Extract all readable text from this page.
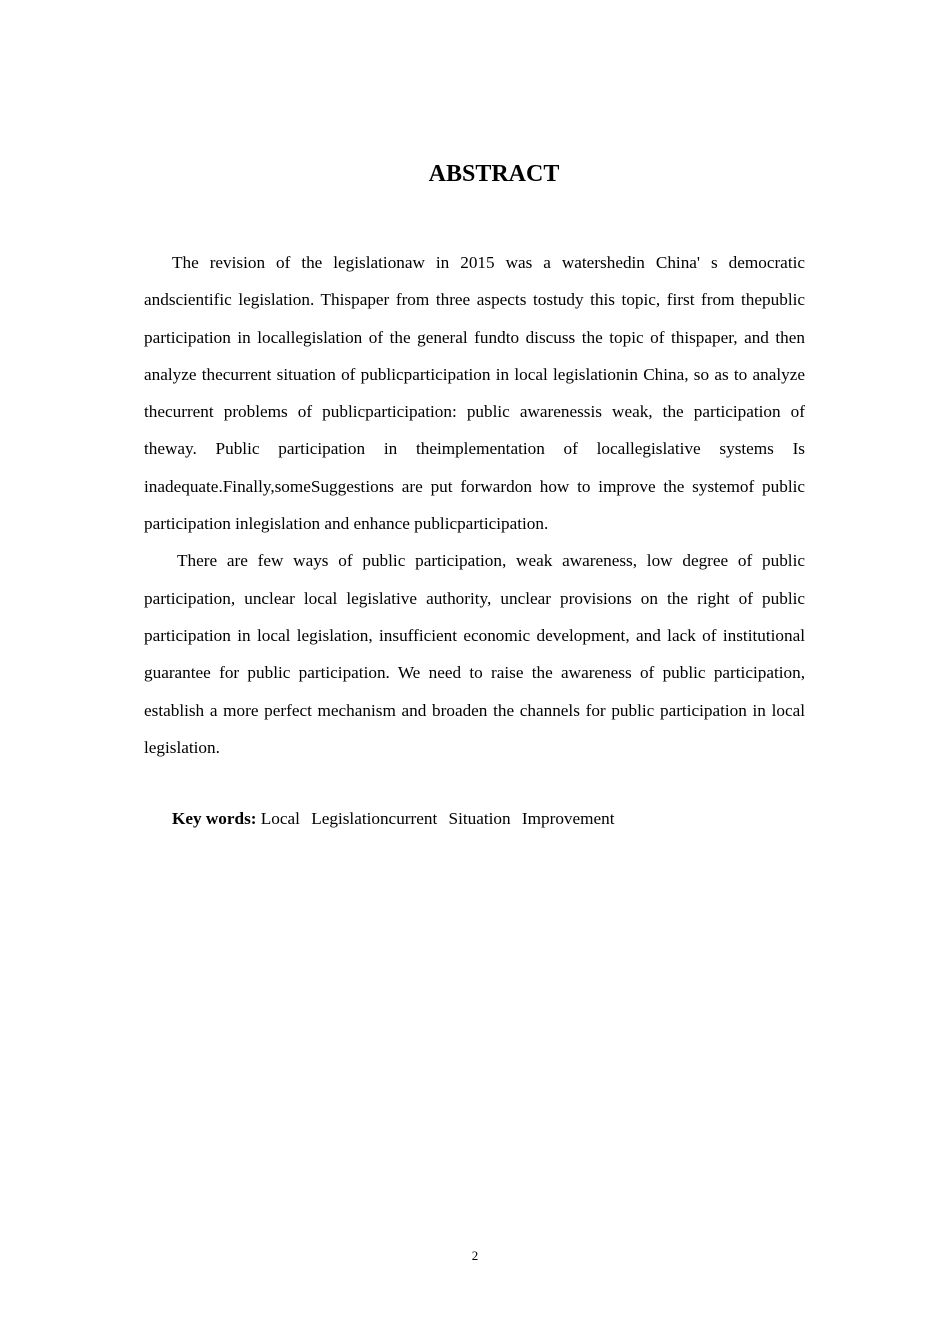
ABSTRACT

The revision of the legislationaw in 2015 was a watershedin China' s democratic andscientific legislation. Thispaper from three aspects tostudy this topic, first from thepublic participation in locallegislation of the general fundto discuss the topic of thispaper, and then analyze thecurrent situation of publicparticipation in local legislationin China, so as to analyze thecurrent problems of publicparticipation: public awarenessis weak, the participation of theway. Public participation in theimplementation of locallegislative systems Is inadequate.Finally,someSuggestions are put forwardon how to improve the systemof public participation inlegislation and enhance publicparticipation.

There are few ways of public participation, weak awareness, low degree of public participation, unclear local legislative authority, unclear provisions on the right of public participation in local legislation, insufficient economic development, and lack of institutional guarantee for public participation. We need to raise the awareness of public participation, establish a more perfect mechanism and broaden the channels for public participation in local legislation.

Key words: Local Legislationcurrent Situation Improvement

2
